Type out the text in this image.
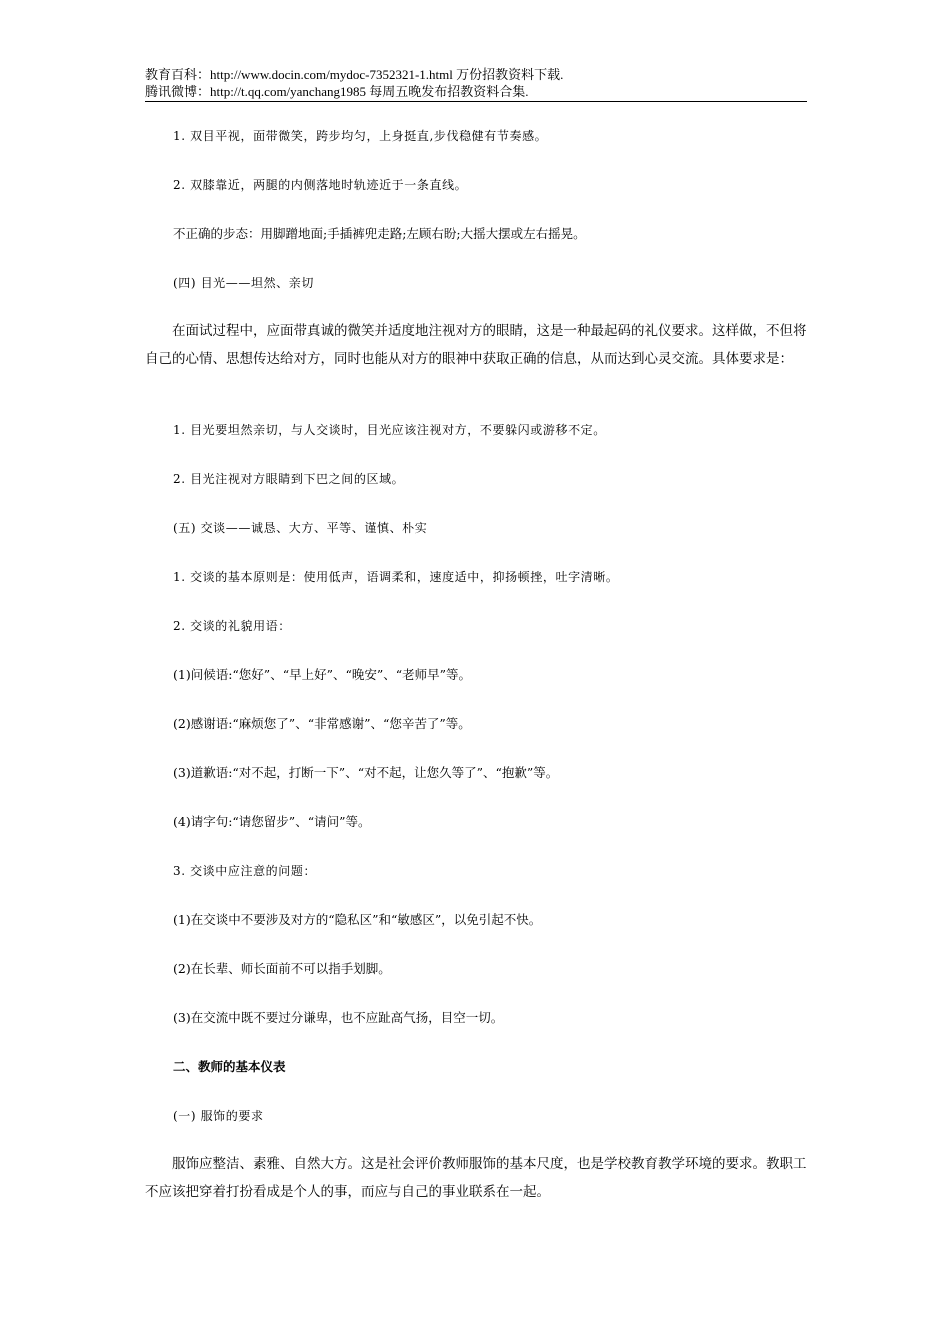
教育百科：http://www.docin.com/mydoc-7352321-1.html 万份招教资料下载.
腾讯微博：http://t.qq.com/yanchang1985 每周五晚发布招教资料合集.
1. 双目平视，面带微笑，跨步均匀，上身挺直,步伐稳健有节奏感。
2. 双膝靠近，两腿的内侧落地时轨迹近于一条直线。
不正确的步态：用脚蹭地面;手插裤兜走路;左顾右盼;大摇大摆或左右摇晃。
(四) 目光——坦然、亲切
在面试过程中，应面带真诚的微笑并适度地注视对方的眼睛，这是一种最起码的礼仪要求。这样做，不但将自己的心情、思想传达给对方，同时也能从对方的眼神中获取正确的信息，从而达到心灵交流。具体要求是：
1. 目光要坦然亲切，与人交谈时，目光应该注视对方，不要躲闪或游移不定。
2. 目光注视对方眼睛到下巴之间的区域。
(五) 交谈——诚恳、大方、平等、谨慎、朴实
1. 交谈的基本原则是：使用低声，语调柔和，速度适中，抑扬顿挫，吐字清晰。
2. 交谈的礼貌用语：
(1)问候语:“您好”、“早上好”、“晚安”、“老师早”等。
(2)感谢语:“麻烦您了”、“非常感谢”、“您辛苦了”等。
(3)道歉语:“对不起，打断一下”、“对不起，让您久等了”、“抱歉”等。
(4)请字句:“请您留步”、“请问”等。
3. 交谈中应注意的问题：
(1)在交谈中不要涉及对方的“隐私区”和“敏感区”，以免引起不快。
(2)在长辈、师长面前不可以指手划脚。
(3)在交流中既不要过分谦卑，也不应趾高气扬，目空一切。
二、教师的基本仪表
(一) 服饰的要求
服饰应整洁、素雅、自然大方。这是社会评价教师服饰的基本尺度，也是学校教育教学环境的要求。教职工不应该把穿着打扮看成是个人的事，而应与自己的事业联系在一起。
